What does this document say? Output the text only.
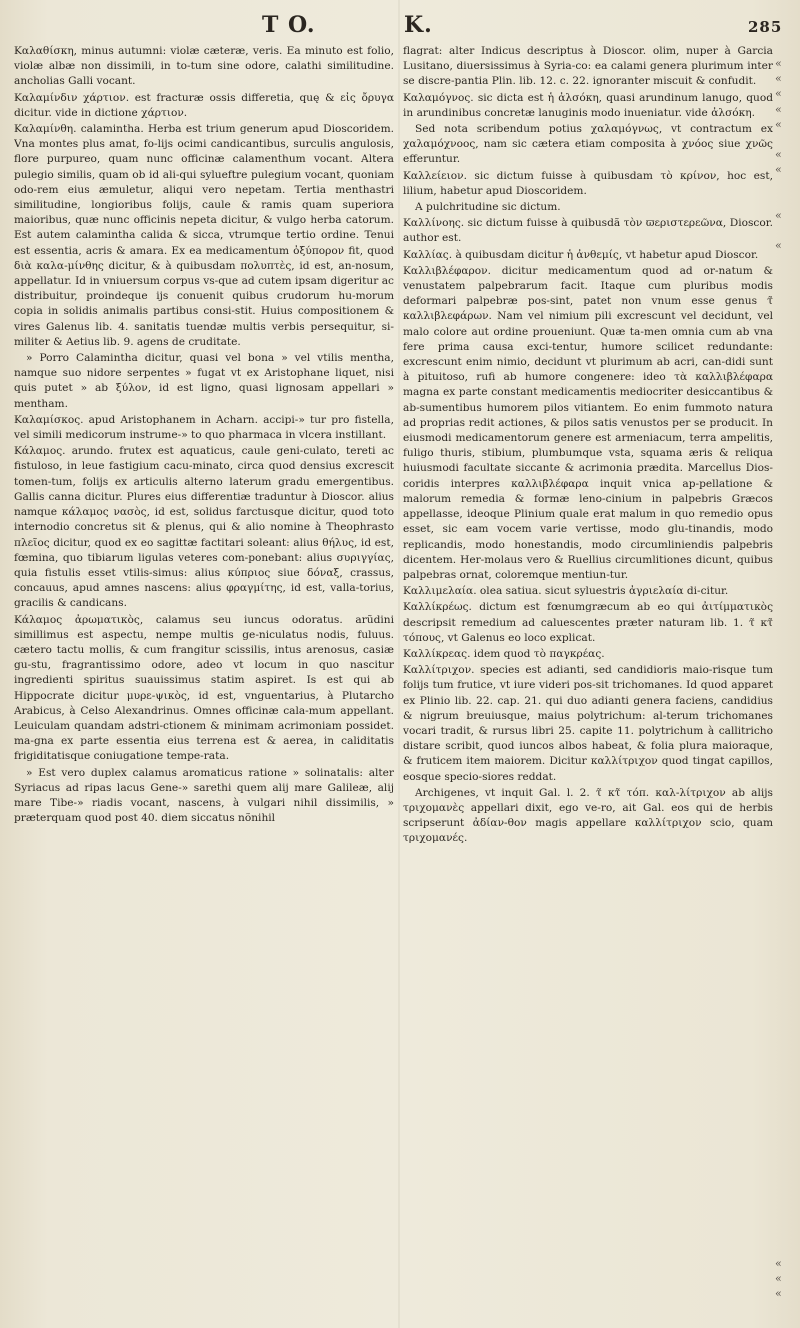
T O.	K.	285

Καλαθίσκη, minus autumni: violæ cæteræ, veris. Ea minuto est folio, violæ albæ non dissimili, in to-tum sine odore, calathi similitudine. ancholias Galli vocant.

Καλαμίνδιν χάρτιον. est fracturæ ossis differetia, quę & εἰς ὄρυγα dicitur. vide in dictione χάρτιον.

Καλαμίνθη. calamintha. Herba est trium generum apud Dioscoridem. Vna montes plus amat, fo-lijs ocimi candicantibus, surculis angulosis, flore purpureo, quam nunc officinæ calamenthum vocant. Altera pulegio similis, quam ob id ali-qui sylueftre pulegium vocant, quoniam odo-rem eius æmuletur, aliqui vero nepetam. Tertia menthastri similitudine, longioribus folijs, caule & ramis quam superiora maioribus, quæ nunc officinis nepeta dicitur, & vulgo herba catorum. Est autem calamintha calida & sicca, vtrumque tertio ordine. Tenui est essentia, acris & amara. Ex ea medicamentum ὀξύπορον fit, quod διὰ καλα-μίνθης dicitur, & à quibusdam πολυπτὲς, id est, an-nosum, appellatur. Id in vniuersum corpus vs-que ad cutem ipsam digeritur ac distribuitur, proindeque ijs conuenit quibus crudorum hu-morum copia in solidis animalis partibus consi-stit. Huius compositionem & vires Galenus lib. 4. sanitatis tuendæ multis verbis persequitur, si-militer & Aetius lib. 9. agens de cruditate.

» Porro Calamintha dicitur, quasi vel bona » vel vtilis mentha, namque suo nidore serpentes » fugat vt ex Aristophane liquet, nisi quis putet » ab ξύλον, id est ligno, quasi lignosam appellari » mentham.

Καλαμίσκος. apud Aristophanem in Acharn. accipi-» tur pro fistella, vel simili medicorum instrume-» to quo pharmaca in vlcera instillant.

Κάλαμος. arundo. frutex est aquaticus, caule geni-culato, tereti ac fistuloso, in leue fastigium cacu-minato, circa quod densius excrescit tomen-tum, folijs ex articulis alterno laterum gradu emergentibus. Gallis canna dicitur. Plures eius differentiæ traduntur à Dioscor. alius namque κάλαμος νασὸς, id est, solidus farctusque dicitur, quod toto internodio concretus sit & plenus, qui & alio nomine à Theophrasto πλεῖος dicitur, quod ex eo sagittæ factitari soleant: alius θήλυς, id est, fœmina, quo tibiarum ligulas veteres com-ponebant: alius συριγγίας, quia fistulis esset vtilis-simus: alius κύπριος siue δόναξ, crassus, concauus, apud amnes nascens: alius φραγμίτης, id est, valla-torius, gracilis & candicans.

Κάλαμος ἀρωματικὸς, calamus seu iuncus odoratus. arũdini simillimus est aspectu, nempe multis ge-niculatus nodis, fuluus. cætero tactu mollis, & cum frangitur scissilis, intus arenosus, casiæ gu-stu, fragrantissimo odore, adeo vt locum in quo nascitur ingredienti spiritus suauissimus statim aspiret. Is est qui ab Hippocrate dicitur μυρε-ψικὸς, id est, vnguentarius, à Plutarcho Arabicus, à Celso Alexandrinus. Omnes officinæ cala-mum appellant. Leuiculam quandam adstri-ctionem & minimam acrimoniam possidet. ma-gna ex parte essentia eius terrena est & aerea, in caliditatis frigiditatisque coniugatione tempe-rata.

» Est vero duplex calamus aromaticus ratione » solinatalis: alter Syriacus ad ripas lacus Gene-» sarethi quem alij mare Galileæ, alij mare Tibe-» riadis vocant, nascens, à vulgari nihil dissimilis, » præterquam quod post 40. diem siccatus nõnihil

flagrat: alter Indicus descriptus à Dioscor. olim, nuper à Garcia Lusitano, diuersissimus à Syria-co: ea calami genera plurimum inter se discre-pantia Plin. lib. 12. c. 22. ignoranter miscuit & confudit.

Καλαμόγνος. sic dicta est ἡ ἀλσόκη, quasi arundinum lanugo, quod in arundinibus concretæ lanuginis modo inueniatur. vide ἀλσόκη.

Sed nota scribendum potius χαλαμόγνως, vt contractum ex χαλαμόχνοος, nam sic cætera etiam composita à χνόος siue χνῶς efferuntur.

Καλλείειον. sic dictum fuisse à quibusdam τὸ κρίνον, hoc est, lilium, habetur apud Dioscoridem.

A pulchritudine sic dictum.

Καλλίνοης. sic dictum fuisse à quibusdã τὸν ϖεριστερεῶνα, Dioscor. author est.

Καλλίας. à quibusdam dicitur ἡ ἀνθεμίς, vt habetur apud Dioscor.

Καλλιβλέφαρον. dicitur medicamentum quod ad or-natum & venustatem palpebrarum facit. Itaque cum pluribus modis deformari palpebræ pos-sint, patet non vnum esse genus τ̃ καλλιβλεφάρων. Nam vel nimium pili excrescunt vel decidunt, vel malo colore aut ordine proueniunt. Quæ ta-men omnia cum ab vna fere prima causa exci-tentur, humore scilicet redundante: excrescunt enim nimio, decidunt vt plurimum ab acri, can-didi sunt à pituitoso, rufi ab humore congenere: ideo τὰ καλλιβλέφαρα magna ex parte constant medicamentis mediocriter desiccantibus & ab-sumentibus humorem pilos vitiantem. Eo enim fummoto natura ad proprias redit actiones, & pilos satis venustos per se producit. In eiusmodi medicamentorum genere est armeniacum, terra ampelitis, fuligo thuris, stibium, plumbumque vsta, squama æris & reliqua huiusmodi facultate siccante & acrimonia prædita. Marcellus Dios-coridis interpres καλλιβλέφαρα inquit vnica ap-pellatione & malorum remedia & formæ leno-cinium in palpebris Græcos appellasse, ideoque Plinium quale erat malum in quo remedio opus esset, sic eam vocem varie vertisse, modo glu-tinandis, modo replicandis, modo honestandis, modo circumliniendis palpebris dicentem. Her-molaus vero & Ruellius circumlitiones dicunt, quibus palpebras ornat, coloremque mentiun-tur.

Καλλιμελαία. olea satiua. sicut syluestris ἀγριελαία di-citur.

Καλλίκρέως. dictum est fœnumgræcum ab eo qui ἀιτίμματικὸς descripsit remedium ad caluescentes præter naturam lib. 1. τ̃ κτ̃ τόπους, vt Galenus eo loco explicat.

Καλλίκρεας. idem quod τὸ παγκρέας.

Καλλίτριχον. species est adianti, sed candidioris maio-risque tum folijs tum frutice, vt iure videri pos-sit trichomanes. Id quod apparet ex Plinio lib. 22. cap. 21. qui duo adianti genera faciens, candidius & nigrum breuiusque, maius polytrichum: al-terum trichomanes vocari tradit, & rursus libri 25. capite 11. polytrichum à callitricho distare scribit, quod iuncos albos habeat, & folia plura maioraque, & fruticem item maiorem. Dicitur καλλίτριχον quod tingat capillos, eosque specio-siores reddat.

Archigenes, vt inquit Gal. l. 2. τ̃ κτ̃ τόπ. καλ-λίτριχον ab alijs τριχομανὲς appellari dixit, ego ve-ro, ait Gal. eos qui de herbis scripserunt ἀδίαν-θον magis appellare καλλίτριχον scio, quam τριχομανές.

«
«
«
«
«
«
«
«
«
«
«
«
